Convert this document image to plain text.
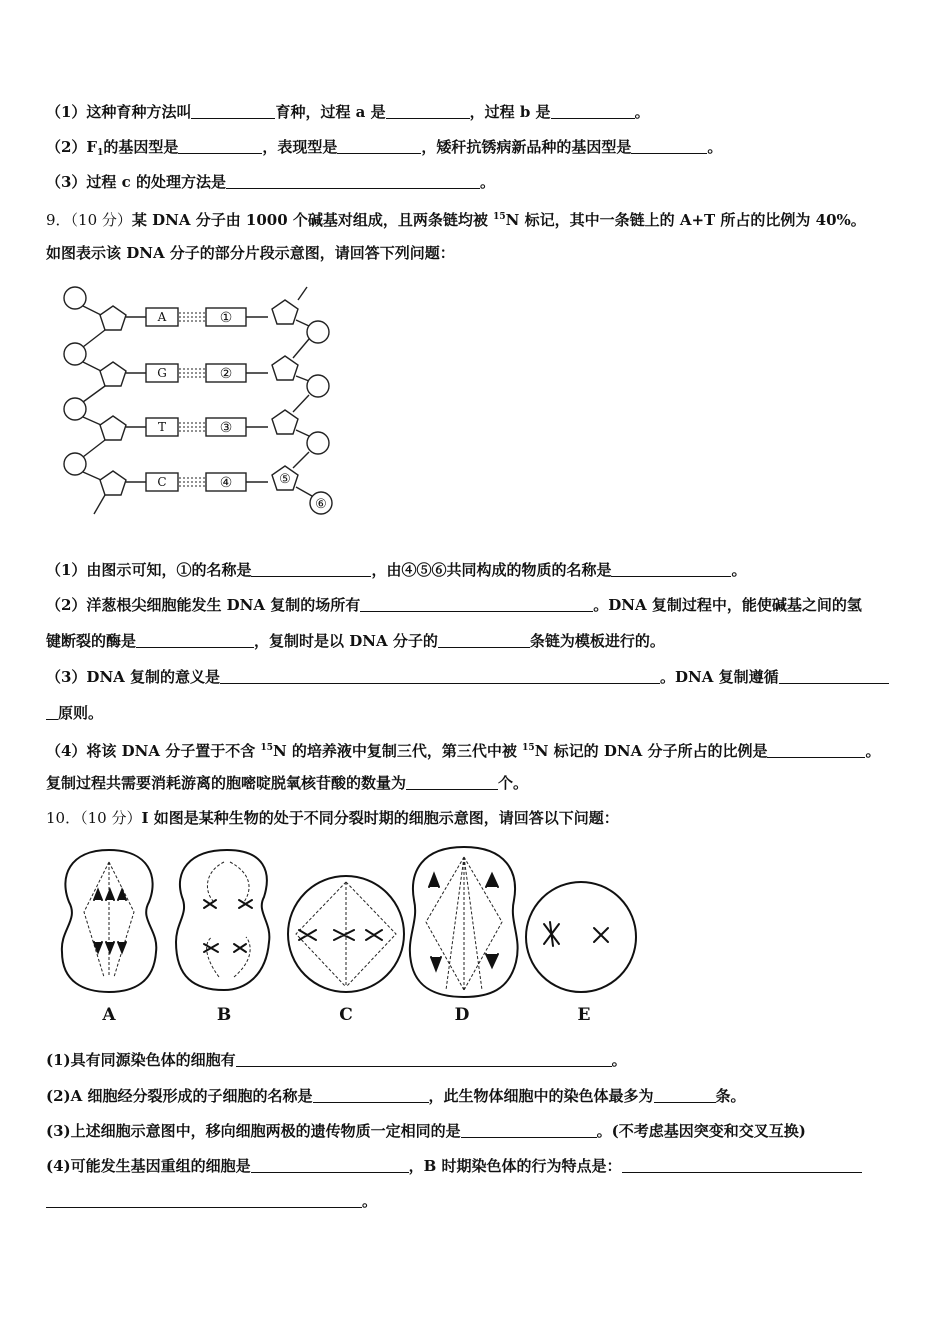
（1）这种育种方法叫	育种，过程 a 是	，过程 b 是	。
$(2)F_1$的基因型是	，表现型是	，矮秆抗锈病新品种的基因型是	。
（3）过程 c 的处理方法是	。
9．（10 分）某 DNA 分子由 1000 个碱基对组成，且两条链均被 $^{15}$N 标记，其中一条链上的 A+T 所占的比例为 40%。
如图表示该 DNA 分子的部分片段示意图，请回答下列问题：
A
G
T
C
①
②
③
④	⑤
⑥
（1）由图示可知，①的名称是	，由④⑤⑥共同构成的物质的名称是	。
（2）洋葱根尖细胞能发生 DNA 复制的场所有	。DNA 复制过程中，能使碱基之间的氢
键断裂的酶是	，复制时是以 DNA 分子的	条链为模板进行的。
（3）DNA 复制的意义是	。DNA 复制遵循
原则。
（4）将该 DNA 分子置于不含 $^{15}$N 的培养液中复制三代，第三代中被 $^{15}$N 标记的 DNA 分子所占的比例是	。
复制过程共需要消耗游离的胞嘧啶脱氧核苷酸的数量为	个。
10．（10 分）I 如图是某种生物的处于不同分裂时期的细胞示意图，请回答以下问题：
A	B	C	D	E
(1)具有同源染色体的细胞有	。
(2)A 细胞经分裂形成的子细胞的名称是	，此生物体细胞中的染色体最多为	条。
(3)上述细胞示意图中，移向细胞两极的遗传物质一定相同的是	。(不考虑基因突变和交叉互换)
(4)可能发生基因重组的细胞是	，B 时期染色体的行为特点是：
。
